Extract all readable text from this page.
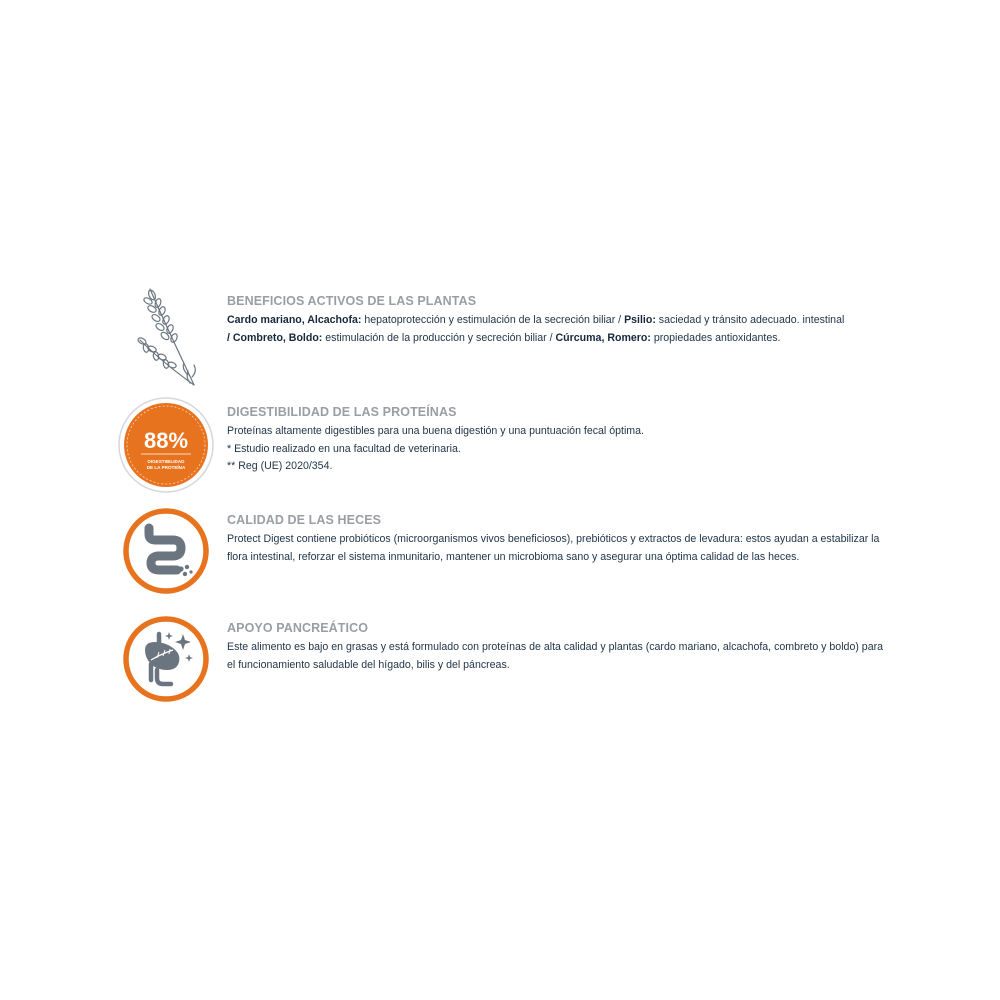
BENEFICIOS ACTIVOS DE LAS PLANTAS

Cardo mariano, Alcachofa: hepatoprotección y estimulación de la secreción biliar / Psilio: saciedad y tránsito adecuado. intestinal
/ Combreto, Boldo: estimulación de la producción y secreción biliar / Cúrcuma, Romero: propiedades antioxidantes.

88%
DIGESTIBILIDAD
DE LA PROTEÍNA
DIGESTIBILIDAD DE LAS PROTEÍNAS

Proteínas altamente digestibles para una buena digestión y una puntuación fecal óptima.
* Estudio realizado en una facultad de veterinaria.
** Reg (UE) 2020/354.

CALIDAD DE LAS HECES

Protect Digest contiene probióticos (microorganismos vivos beneficiosos), prebióticos y extractos de levadura: estos ayudan a estabilizar la flora intestinal, reforzar el sistema inmunitario, mantener un microbioma sano y asegurar una óptima calidad de las heces.

APOYO PANCREÁTICO

Este alimento es bajo en grasas y está formulado con proteínas de alta calidad y plantas (cardo mariano, alcachofa, combreto y boldo) para el funcionamiento saludable del hígado, bilis y del páncreas.
